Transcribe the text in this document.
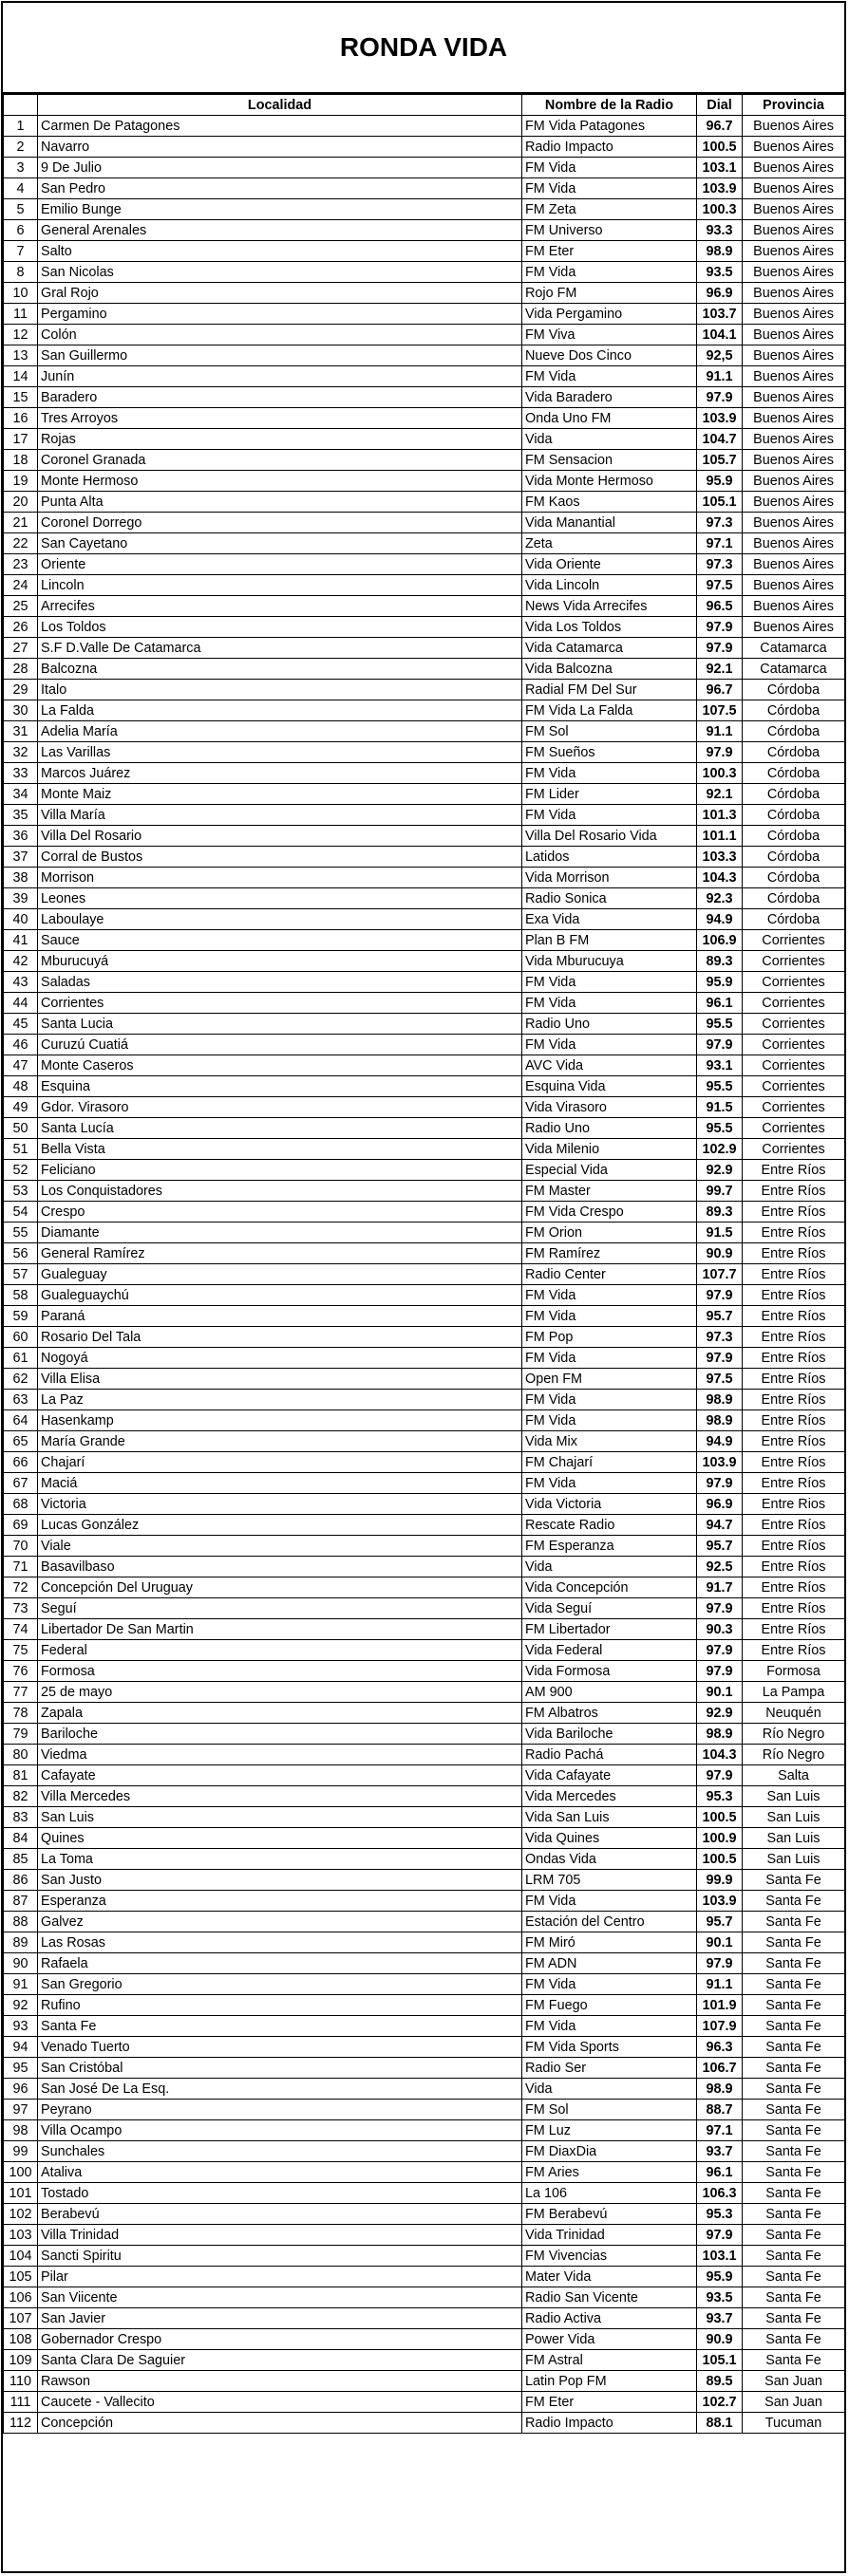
RONDA VIDA
	Localidad	Nombre de la Radio	Dial	Provincia
1	Carmen De Patagones	FM Vida Patagones	96.7	Buenos Aires
2	Navarro	Radio Impacto	100.5	Buenos Aires
3	9 De Julio	FM Vida	103.1	Buenos Aires
4	San Pedro	FM Vida	103.9	Buenos Aires
5	Emilio Bunge	FM Zeta	100.3	Buenos Aires
6	General Arenales	FM Universo	93.3	Buenos Aires
7	Salto	FM Eter	98.9	Buenos Aires
8	San Nicolas	FM Vida	93.5	Buenos Aires
10	Gral Rojo	Rojo FM	96.9	Buenos Aires
11	Pergamino	Vida Pergamino	103.7	Buenos Aires
12	Colón	FM Viva	104.1	Buenos Aires
13	San Guillermo	Nueve Dos Cinco	92,5	Buenos Aires
14	Junín	FM Vida	91.1	Buenos Aires
15	Baradero	Vida Baradero	97.9	Buenos Aires
16	Tres Arroyos	Onda Uno FM	103.9	Buenos Aires
17	Rojas	Vida	104.7	Buenos Aires
18	Coronel Granada	FM Sensacion	105.7	Buenos Aires
19	Monte Hermoso	Vida Monte Hermoso	95.9	Buenos Aires
20	Punta Alta	FM Kaos	105.1	Buenos Aires
21	Coronel Dorrego	Vida Manantial	97.3	Buenos Aires
22	San Cayetano	Zeta	97.1	Buenos Aires
23	Oriente	Vida Oriente	97.3	Buenos Aires
24	Lincoln	Vida Lincoln	97.5	Buenos Aires
25	Arrecifes	News Vida Arrecifes	96.5	Buenos Aires
26	Los Toldos	Vida Los Toldos	97.9	Buenos Aires
27	S.F D.Valle De Catamarca	Vida Catamarca	97.9	Catamarca
28	Balcozna	Vida Balcozna	92.1	Catamarca
29	Italo	Radial FM Del Sur	96.7	Córdoba
30	La Falda	FM Vida La Falda	107.5	Córdoba
31	Adelia María	FM Sol	91.1	Córdoba
32	Las Varillas	FM Sueños	97.9	Córdoba
33	Marcos Juárez	FM Vida	100.3	Córdoba
34	Monte Maiz	FM Lider	92.1	Córdoba
35	Villa María	FM Vida	101.3	Córdoba
36	Villa Del Rosario	Villa Del Rosario Vida	101.1	Córdoba
37	Corral de Bustos	Latidos	103.3	Córdoba
38	Morrison	Vida Morrison	104.3	Córdoba
39	Leones	Radio Sonica	92.3	Córdoba
40	Laboulaye	Exa Vida	94.9	Córdoba
41	Sauce	Plan B FM	106.9	Corrientes
42	Mburucuyá	Vida Mburucuya	89.3	Corrientes
43	Saladas	FM Vida	95.9	Corrientes
44	Corrientes	FM Vida	96.1	Corrientes
45	Santa Lucia	Radio Uno	95.5	Corrientes
46	Curuzú Cuatiá	FM Vida	97.9	Corrientes
47	Monte Caseros	AVC Vida	93.1	Corrientes
48	Esquina	Esquina Vida	95.5	Corrientes
49	Gdor. Virasoro	Vida Virasoro	91.5	Corrientes
50	Santa Lucía	Radio Uno	95.5	Corrientes
51	Bella Vista	Vida Milenio	102.9	Corrientes
52	Feliciano	Especial Vida	92.9	Entre Ríos
53	Los Conquistadores	FM Master	99.7	Entre Ríos
54	Crespo	FM Vida Crespo	89.3	Entre Ríos
55	Diamante	FM Orion	91.5	Entre Ríos
56	General Ramírez	FM Ramírez	90.9	Entre Ríos
57	Gualeguay	Radio Center	107.7	Entre Ríos
58	Gualeguaychú	FM Vida	97.9	Entre Ríos
59	Paraná	FM Vida	95.7	Entre Ríos
60	Rosario Del Tala	FM Pop	97.3	Entre Ríos
61	Nogoyá	FM Vida	97.9	Entre Ríos
62	Villa Elisa	Open FM	97.5	Entre Ríos
63	La Paz	FM Vida	98.9	Entre Ríos
64	Hasenkamp	FM Vida	98.9	Entre Ríos
65	María Grande	Vida Mix	94.9	Entre Ríos
66	Chajarí	FM Chajarí	103.9	Entre Ríos
67	Maciá	FM Vida	97.9	Entre Ríos
68	Victoria	Vida Victoria	96.9	Entre Rios
69	Lucas González	Rescate Radio	94.7	Entre Ríos
70	Viale	FM Esperanza	95.7	Entre Ríos
71	Basavilbaso	Vida	92.5	Entre Ríos
72	Concepción Del Uruguay	Vida Concepción	91.7	Entre Ríos
73	Seguí	Vida Seguí	97.9	Entre Ríos
74	Libertador De San Martin	FM Libertador	90.3	Entre Ríos
75	Federal	Vida Federal	97.9	Entre Ríos
76	Formosa	Vida Formosa	97.9	Formosa
77	25 de mayo	AM 900	90.1	La Pampa
78	Zapala	FM Albatros	92.9	Neuquén
79	Bariloche	Vida Bariloche	98.9	Río Negro
80	Viedma	Radio Pachá	104.3	Río Negro
81	Cafayate	Vida Cafayate	97.9	Salta
82	Villa Mercedes	Vida Mercedes	95.3	San Luis
83	San Luis	Vida San Luis	100.5	San Luis
84	Quines	Vida Quines	100.9	San Luis
85	La Toma	Ondas Vida	100.5	San Luis
86	San Justo	LRM 705	99.9	Santa Fe
87	Esperanza	FM Vida	103.9	Santa Fe
88	Galvez	Estación del Centro	95.7	Santa Fe
89	Las Rosas	FM Miró	90.1	Santa Fe
90	Rafaela	FM ADN	97.9	Santa Fe
91	San Gregorio	FM Vida	91.1	Santa Fe
92	Rufino	FM Fuego	101.9	Santa Fe
93	Santa Fe	FM Vida	107.9	Santa Fe
94	Venado Tuerto	FM Vida Sports	96.3	Santa Fe
95	San Cristóbal	Radio Ser	106.7	Santa Fe
96	San José De La Esq.	Vida	98.9	Santa Fe
97	Peyrano	FM Sol	88.7	Santa Fe
98	Villa Ocampo	FM Luz	97.1	Santa Fe
99	Sunchales	FM DiaxDia	93.7	Santa Fe
100	Ataliva	FM Aries	96.1	Santa Fe
101	Tostado	La 106	106.3	Santa Fe
102	Berabevú	FM Berabevú	95.3	Santa Fe
103	Villa Trinidad	Vida Trinidad	97.9	Santa Fe
104	Sancti Spiritu	FM Vivencias	103.1	Santa Fe
105	Pilar	Mater Vida	95.9	Santa Fe
106	San Viicente	Radio San Vicente	93.5	Santa Fe
107	San Javier	Radio Activa	93.7	Santa Fe
108	Gobernador Crespo	Power Vida	90.9	Santa Fe
109	Santa Clara De Saguier	FM Astral	105.1	Santa Fe
110	Rawson	Latin Pop FM	89.5	San Juan
111	Caucete - Vallecito	FM Eter	102.7	San Juan
112	Concepción	Radio Impacto	88.1	Tucuman
